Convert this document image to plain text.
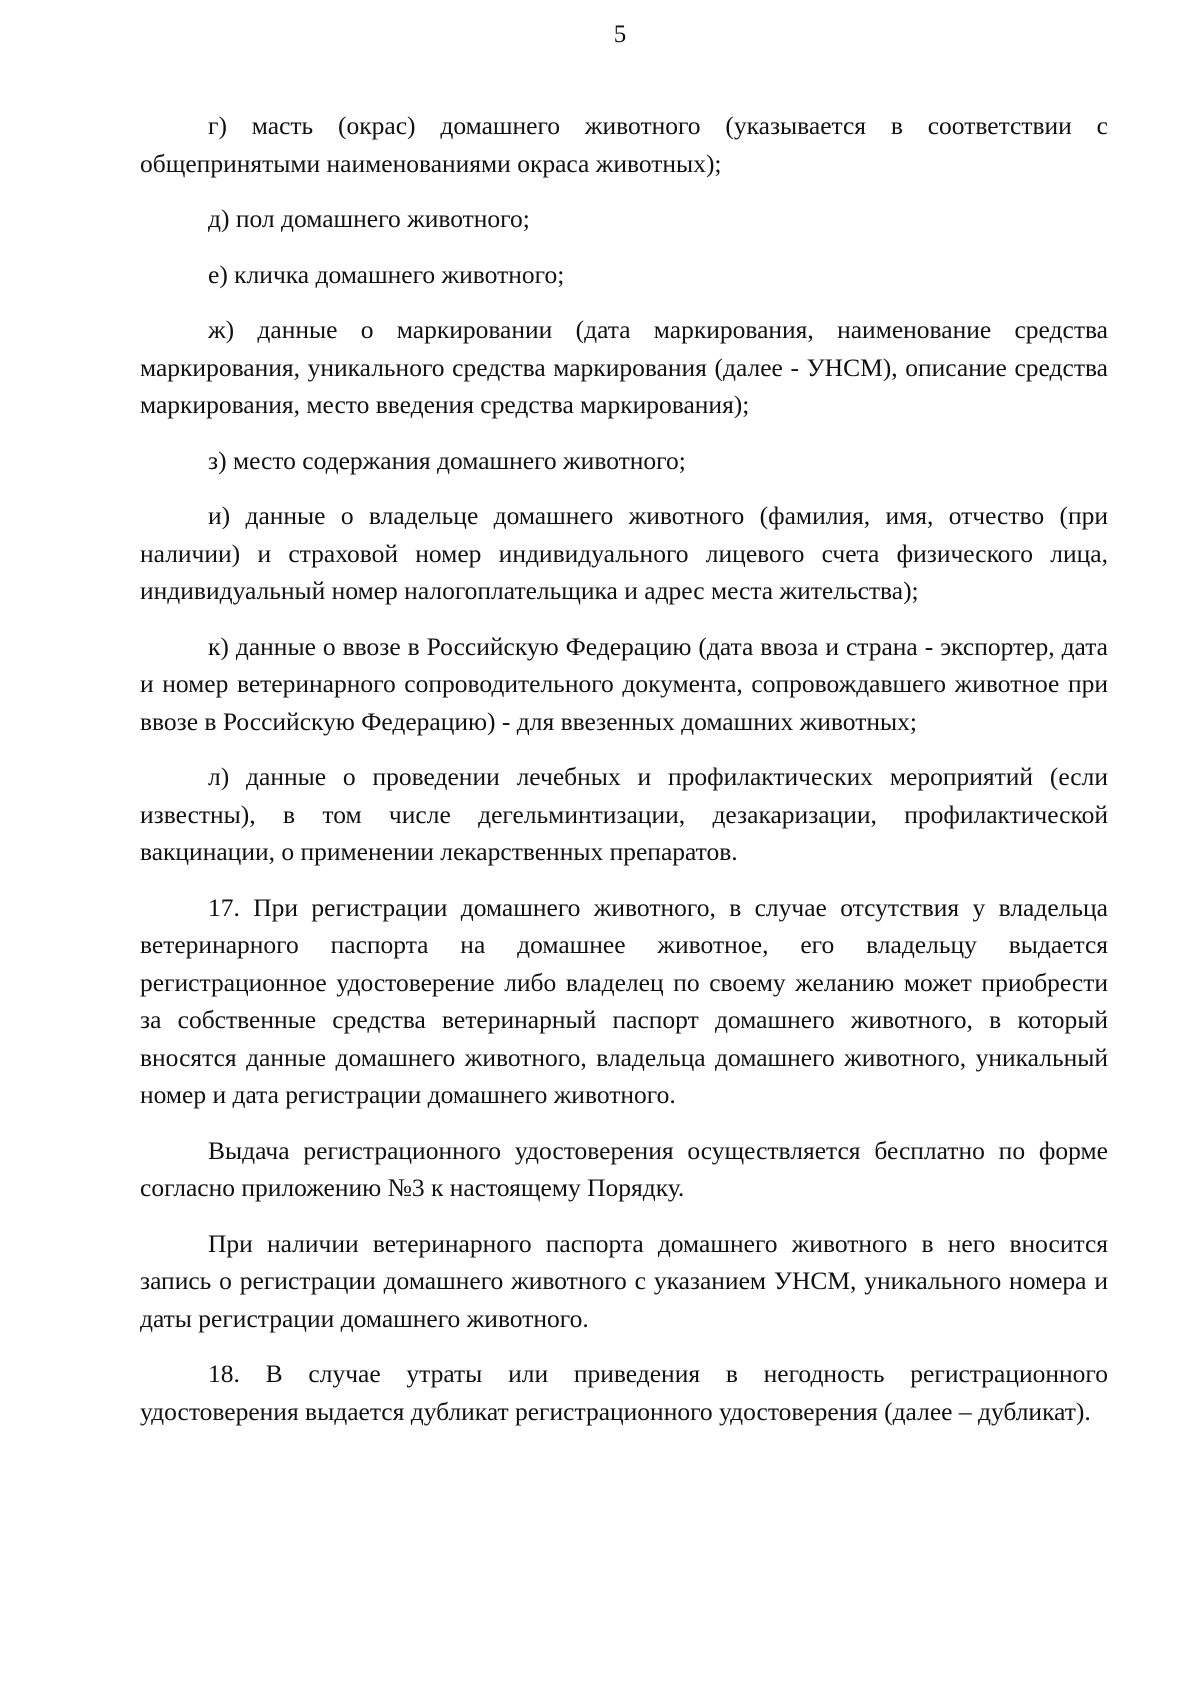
5

г) масть (окрас) домашнего животного (указывается в соответствии с общепринятыми наименованиями окраса животных);

д) пол домашнего животного;

е) кличка домашнего животного;

ж) данные о маркировании (дата маркирования, наименование средства маркирования, уникального средства маркирования (далее - УНСМ), описание средства маркирования, место введения средства маркирования);

з) место содержания домашнего животного;

и) данные о владельце домашнего животного (фамилия, имя, отчество (при наличии) и страховой номер индивидуального лицевого счета физического лица, индивидуальный номер налогоплательщика и адрес места жительства);

к) данные о ввозе в Российскую Федерацию (дата ввоза и страна - экспортер, дата и номер ветеринарного сопроводительного документа, сопровождавшего животное при ввозе в Российскую Федерацию) - для ввезенных домашних животных;

л) данные о проведении лечебных и профилактических мероприятий (если известны), в том числе дегельминтизации, дезакаризации, профилактической вакцинации, о применении лекарственных препаратов.

17. При регистрации домашнего животного, в случае отсутствия у владельца ветеринарного паспорта на домашнее животное, его владельцу выдается регистрационное удостоверение либо владелец по своему желанию может приобрести за собственные средства ветеринарный паспорт домашнего животного, в который вносятся данные домашнего животного, владельца домашнего животного, уникальный номер и дата регистрации домашнего животного.

Выдача регистрационного удостоверения осуществляется бесплатно по форме согласно приложению №3 к настоящему Порядку.

При наличии ветеринарного паспорта домашнего животного в него вносится запись о регистрации домашнего животного с указанием УНСМ, уникального номера и даты регистрации домашнего животного.

18. В случае утраты или приведения в негодность регистрационного удостоверения выдается дубликат регистрационного удостоверения (далее – дубликат).
